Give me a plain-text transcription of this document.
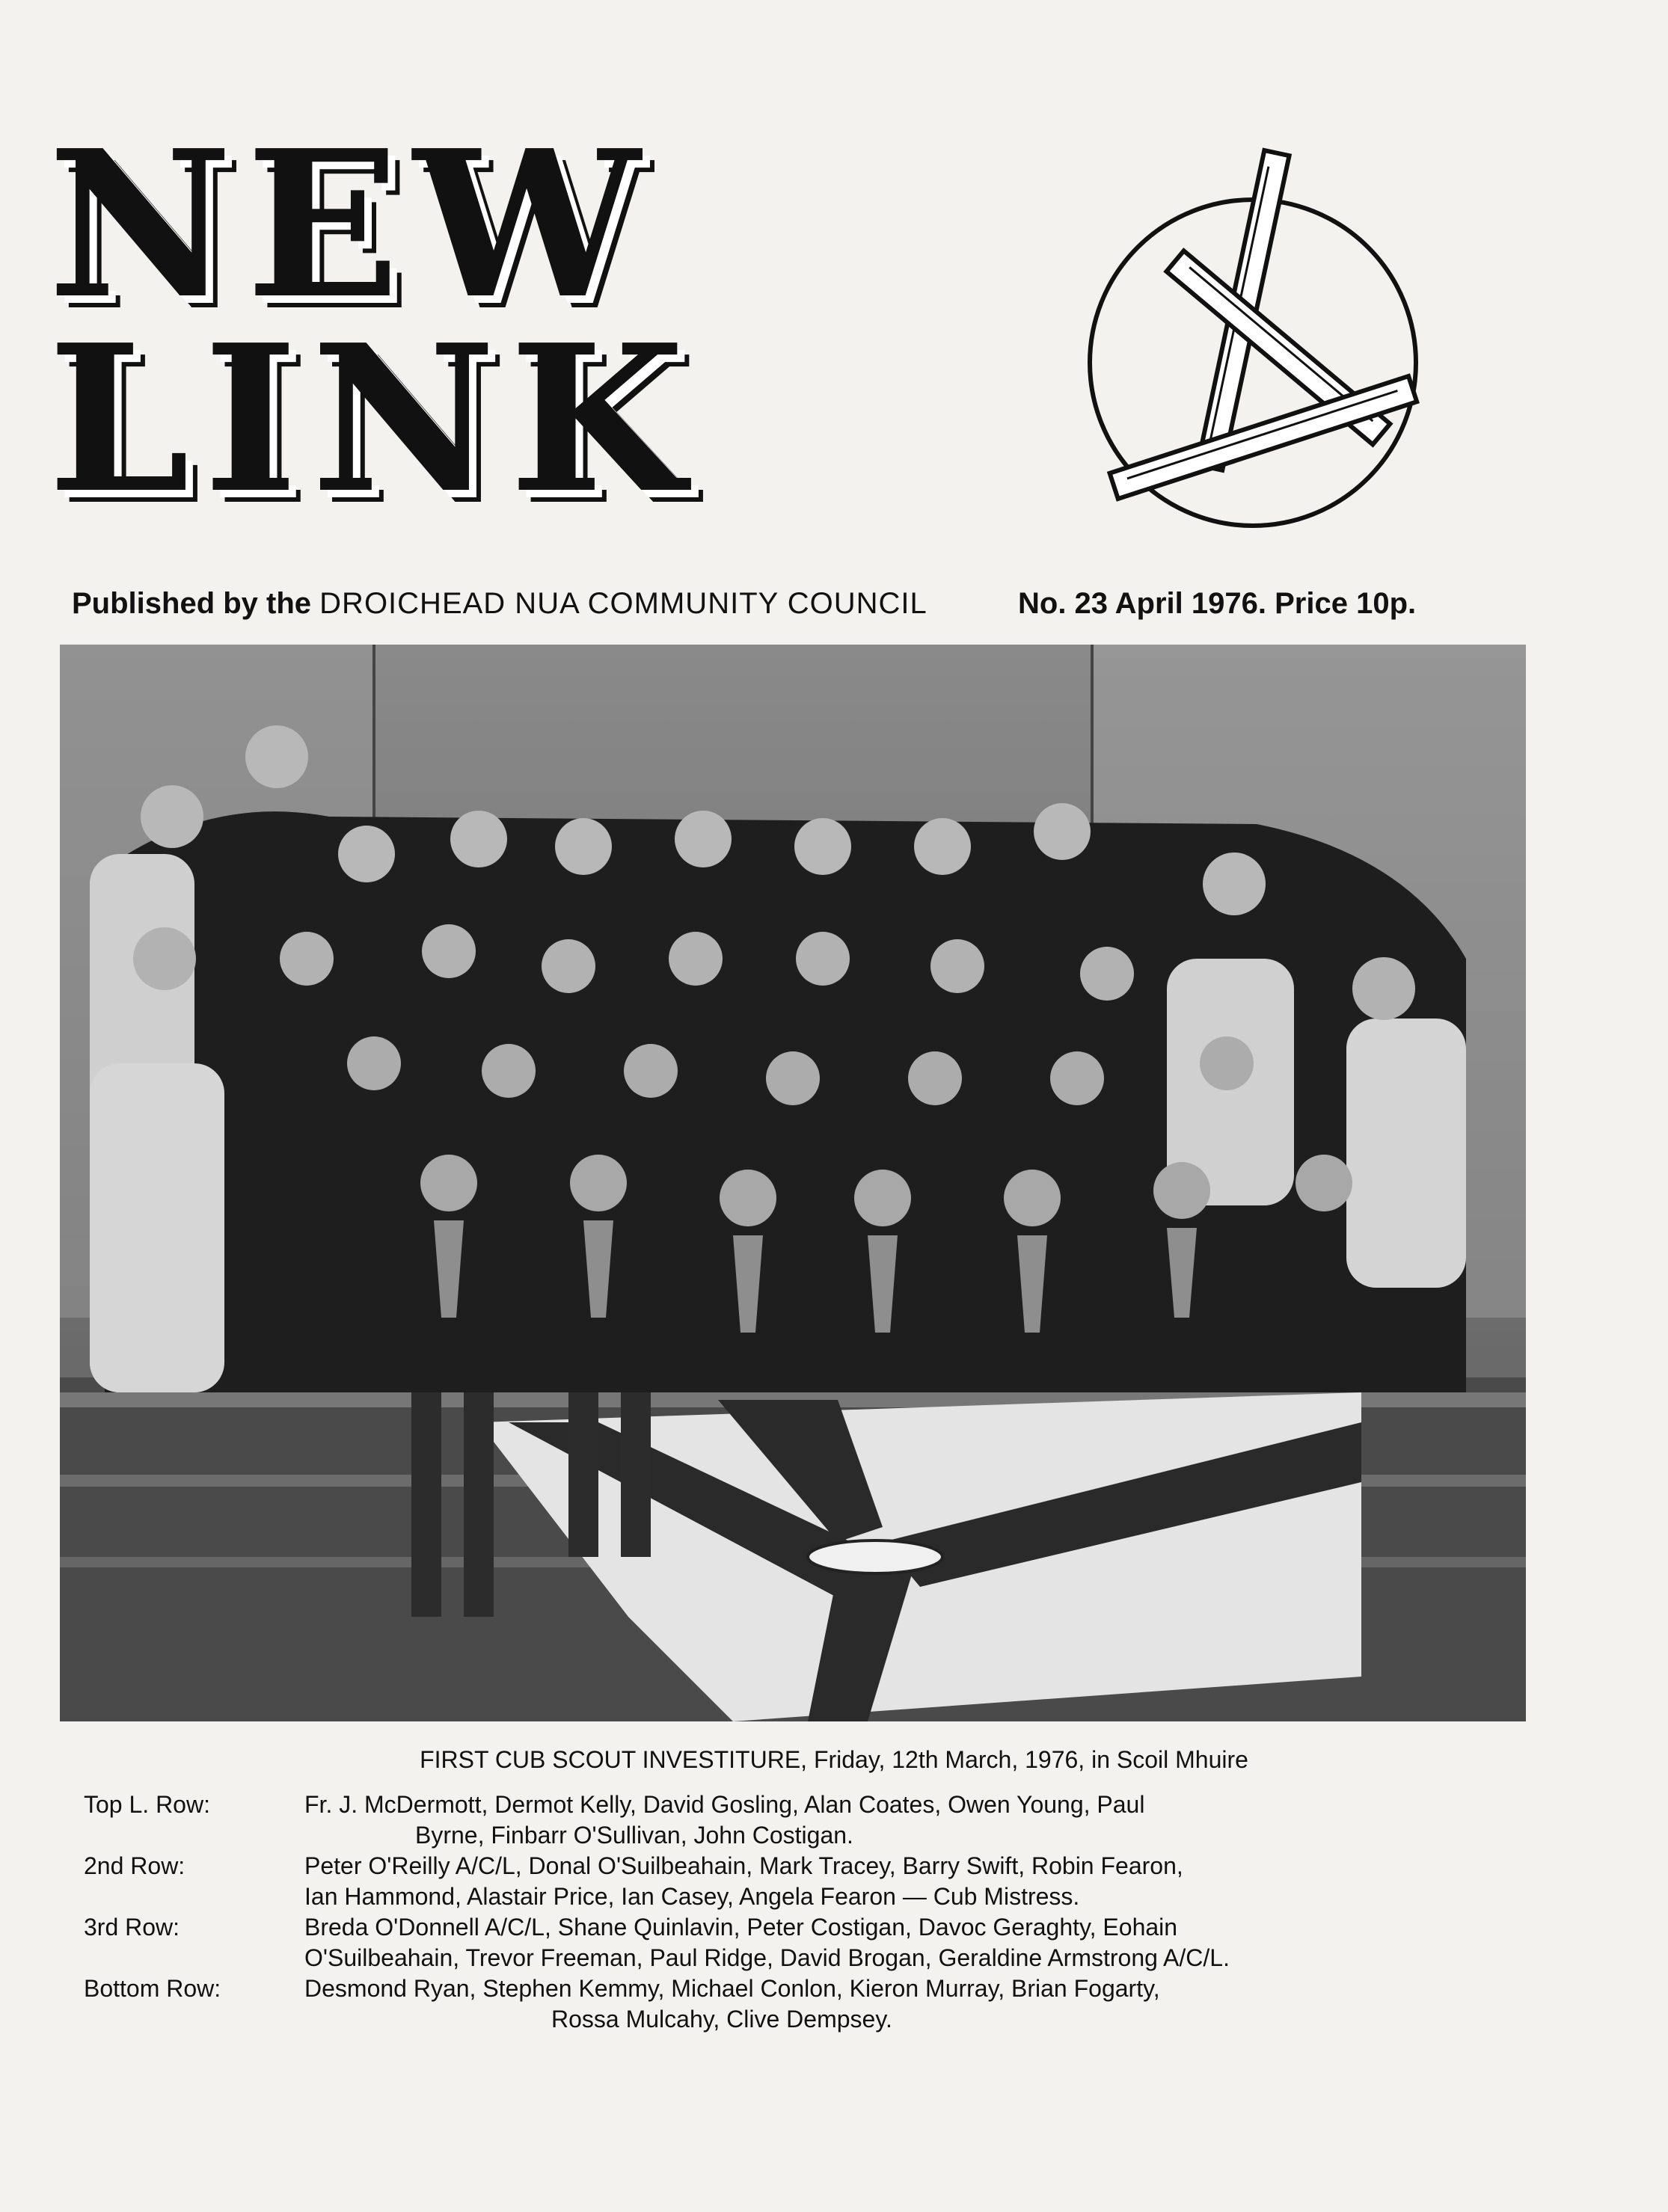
NEW
LINK
Published by the DROICHEAD NUA COMMUNITY COUNCIL	No. 23 April 1976. Price 10p.
FIRST CUB SCOUT INVESTITURE, Friday, 12th March, 1976, in Scoil Mhuire
Top L. Row:	Fr. J. McDermott, Dermot Kelly, David Gosling, Alan Coates, Owen Young, Paul
Byrne, Finbarr O'Sullivan, John Costigan.
2nd Row:	Peter O'Reilly A/C/L, Donal O'Suilbeahain, Mark Tracey, Barry Swift, Robin Fearon,
Ian Hammond, Alastair Price, Ian Casey, Angela Fearon — Cub Mistress.
3rd Row:	Breda O'Donnell A/C/L, Shane Quinlavin, Peter Costigan, Davoc Geraghty, Eohain
O'Suilbeahain, Trevor Freeman, Paul Ridge, David Brogan, Geraldine Armstrong A/C/L.
Bottom Row:	Desmond Ryan, Stephen Kemmy, Michael Conlon, Kieron Murray, Brian Fogarty,
Rossa Mulcahy, Clive Dempsey.
